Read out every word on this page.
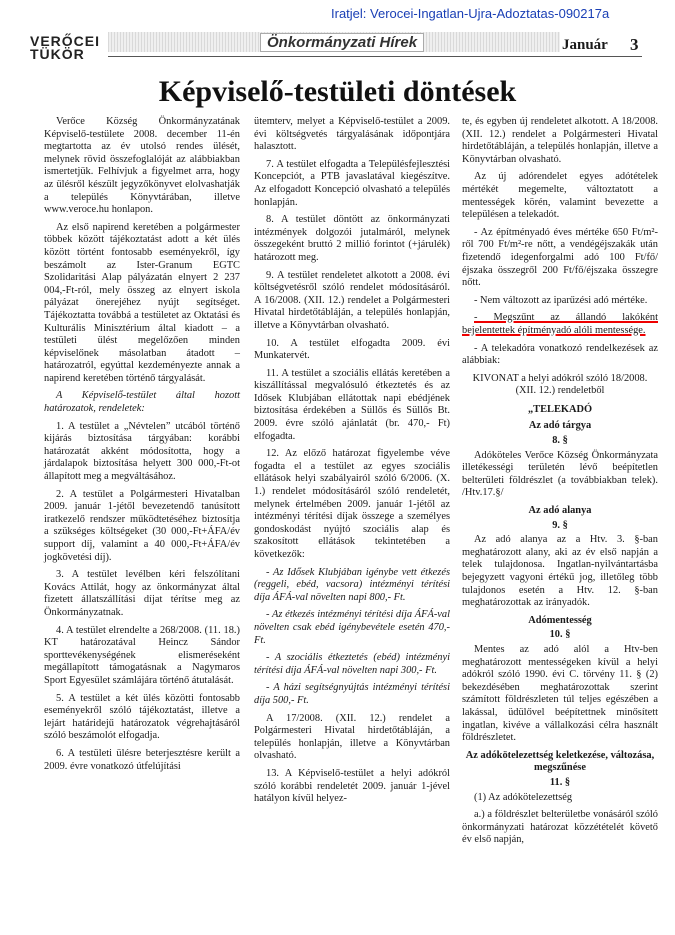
Iratjel: Verocei-Ingatlan-Ujra-Adoztatas-090217a
VERŐCEI TÜKÖR
Önkormányzati Hírek	Január 3
Képviselő-testületi döntések

Verőce Község Önkormányzatának Képviselő-testülete 2008. december 11-én megtartotta az év utolsó rendes ülését, melynek rövid összefoglalóját az alábbiakban ismertetjük. Felhívjuk a figyelmet arra, hogy az ülésről készült jegyzőkönyvet elolvashatják a település Könyvtárában, illetve www.veroce.hu honlapon.

Az első napirend keretében a polgármester többek között tájékoztatást adott a két ülés között történt fontosabb eseményekről, így beszámolt az Ister-Granum EGTC Szolidaritási Alap pályázatán elnyert 2 237 004,-Ft-ról, mely összeg az elnyert iskola pályázat önerejéhez nyújt segítséget. Tájékoztatta továbbá a testületet az Oktatási és Kulturális Minisztérium által kiadott – a testületi ülést megelőzően minden képviselőnek másolatban átadott – határozatról, egyúttal kezdeményezte annak a napirend keretében történő tárgyalását.

A Képviselő-testület által hozott határozatok, rendeletek:

1. A testület a „Névtelen” utcából történő kijárás biztosítása tárgyában: korábbi határozatát akként módosította, hogy a járdalapok biztosítása helyett 300 000,-Ft-ot állapított meg a megváltásához.

2. A testület a Polgármesteri Hivatalban 2009. január 1-jétől bevezetendő tanúsított iratkezelő rendszer működtetéséhez biztosítja a szükséges költségeket (30 000,-Ft+ÁFA/év support díj, valamint a 40 000,-Ft+ÁFA/év jogkövetési díj).

3. A testület levélben kéri felszólítani Kovács Attilát, hogy az önkormányzat által fizetett állatszállítási díjat térítse meg az Önkormányzatnak.

4. A testület elrendelte a 268/2008. (11. 18.) KT határozatával Heincz Sándor sporttevékenységének elismeréseként megállapított támogatásnak a Nagymaros Sport Egyesület számlájára történő átutalását.

5. A testület a két ülés közötti fontosabb eseményekről szóló tájékoztatást, illetve a lejárt határidejű határozatok végrehajtásáról szóló beszámolót elfogadja.

6. A testületi ülésre beterjesztésre került a 2009. évre vonatkozó útfelújítási

ütemterv, melyet a Képviselő-testület a 2009. évi költségvetés tárgyalásának időpontjára halasztott.

7. A testület elfogadta a Településfejlesztési Koncepciót, a PTB javaslatával kiegészítve. Az elfogadott Koncepció olvasható a település honlapján.

8. A testület döntött az önkormányzati intézmények dolgozói jutalmáról, melynek összegeként bruttó 2 millió forintot (+járulék) határozott meg.

9. A testület rendeletet alkotott a 2008. évi költségvetésről szóló rendelet módosításáról. A 16/2008. (XII. 12.) rendelet a Polgármesteri Hivatal hirdetőtábláján, a település honlapján, illetve a Könyvtárban olvasható.

10. A testület elfogadta 2009. évi Munkatervét.

11. A testület a szociális ellátás keretében a kiszállítással megvalósuló étkeztetés és az Idősek Klubjában ellátottak napi ebédjének biztosítása érdekében a Süllős és Süllős Bt. 2009. évre szóló ajánlatát (br. 470,- Ft) elfogadta.

12. Az előző határozat figyelembe véve fogadta el a testület az egyes szociális ellátások helyi szabályairól szóló 6/2006. (X. 1.) rendelet módosításáról szóló rendeletét, melynek értelmében 2009. január 1-jétől az intézményi térítési díjak összege a személyes gondoskodást nyújtó szociális alap és szakosított ellátások tekintetében a következők:

- Az Idősek Klubjában igénybe vett étkezés (reggeli, ebéd, vacsora) intézményi térítési díja ÁFÁ-val növelten napi 800,- Ft.

- Az étkezés intézményi térítési díja ÁFÁ-val növelten csak ebéd igénybevétele esetén 470,- Ft.

- A szociális étkeztetés (ebéd) intézményi térítési díja ÁFÁ-val növelten napi 300,- Ft.

- A házi segítségnyújtás intézményi térítési díja 500,- Ft.

A 17/2008. (XII. 12.) rendelet a Polgármesteri Hivatal hirdetőtábláján, a település honlapján, illetve a Könyvtárban olvasható.

13. A Képviselő-testület a helyi adókról szóló korábbi rendeletét 2009. január 1-jével hatályon kívül helyez-

te, és egyben új rendeletet alkotott. A 18/2008. (XII. 12.) rendelet a Polgármesteri Hivatal hirdetőtábláján, a település honlapján, illetve a Könyvtárban olvasható.

Az új adórendelet egyes adótételek mértékét megemelte, változtatott a mentességek körén, valamint bevezette a településen a telekadót.

- Az építményadó éves mértéke 650 Ft/m²-ről 700 Ft/m²-re nőtt, a vendégéjszakák után fizetendő idegenforgalmi adó 100 Ft/fő/éjszaka összegről 200 Ft/fő/éjszaka összegre nőtt.

- Nem változott az iparűzési adó mértéke.

- Megszűnt az állandó lakóként bejelentettek építményadó alóli mentessége.

- A telekadóra vonatkozó rendelkezések az alábbiak:

KIVONAT a helyi adókról szóló 18/2008. (XII. 12.) rendeletből

„TELEKADÓ

Az adó tárgya

8. §

Adóköteles Verőce Község Önkormányzata illetékességi területén lévő beépítetlen belterületi földrészlet (a továbbiakban telek). /Htv.17.§/

Az adó alanya

9. §

Az adó alanya az a Htv. 3. §-ban meghatározott alany, aki az év első napján a telek tulajdonosa. Ingatlan-nyilvántartásba bejegyzett vagyoni értékű jog, illetőleg több tulajdonos esetén a Htv. 12. §-ban meghatározottak az irányadók.

Adómentesség

10. §

Mentes az adó alól a Htv-ben meghatározott mentességeken kívül a helyi adókról szóló 1990. évi C. törvény 11. § (2) bekezdésében meghatározottak szerint számított földrészleten túl teljes egészében a lakással, üdülővel beépítettnek minősített ingatlan, kivéve a vállalkozási célra használt földrészletet.

Az adókötelezettség keletkezése, változása, megszűnése

11. §

(1) Az adókötelezettség

a.) a földrészlet belterületbe vonásáról szóló önkormányzati határozat közzétételét követő év első napján,
